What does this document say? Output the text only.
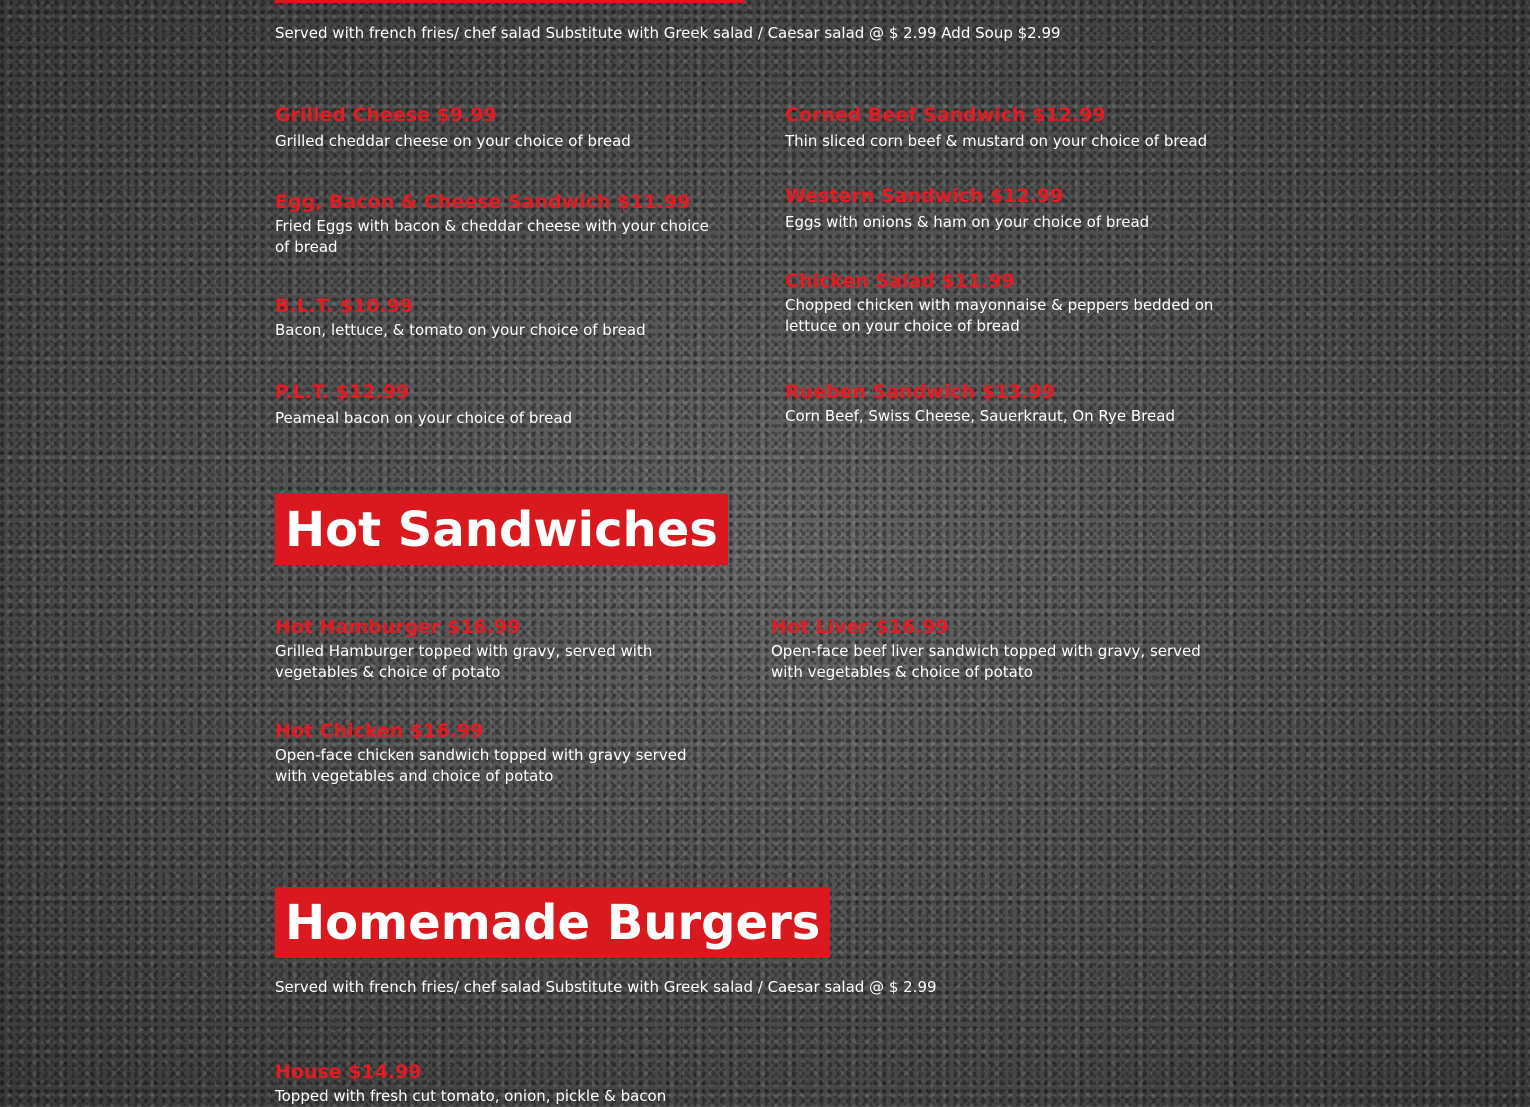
Served with french fries/ chef salad Substitute with Greek salad / Caesar salad @ $ 2.99 Add Soup $2.99
Grilled Cheese $9.99
Grilled cheddar cheese on your choice of bread
Egg, Bacon & Cheese Sandwich $11.99
Fried Eggs with bacon & cheddar cheese with your choice of bread
B.L.T. $10.99
Bacon, lettuce, & tomato on your choice of bread
P.L.T. $12.99
Peameal bacon on your choice of bread
Corned Beef Sandwich $12.99
Thin sliced corn beef & mustard on your choice of bread
Western Sandwich $12.99
Eggs with onions & ham on your choice of bread
Chicken Salad $11.99
Chopped chicken with mayonnaise & peppers bedded on lettuce on your choice of bread
Rueben Sandwich $13.99
Corn Beef, Swiss Cheese, Sauerkraut, On Rye Bread
Hot Sandwiches
Hot Hamburger $16.99
Grilled Hamburger topped with gravy, served with vegetables & choice of potato
Hot Chicken $16.99
Open-face chicken sandwich topped with gravy served with vegetables and choice of potato
Hot Liver $16.99
Open-face beef liver sandwich topped with gravy, served with vegetables & choice of potato
Homemade Burgers
Served with french fries/ chef salad Substitute with Greek salad / Caesar salad @ $ 2.99
House $14.99
Topped with fresh cut tomato, onion, pickle & bacon
